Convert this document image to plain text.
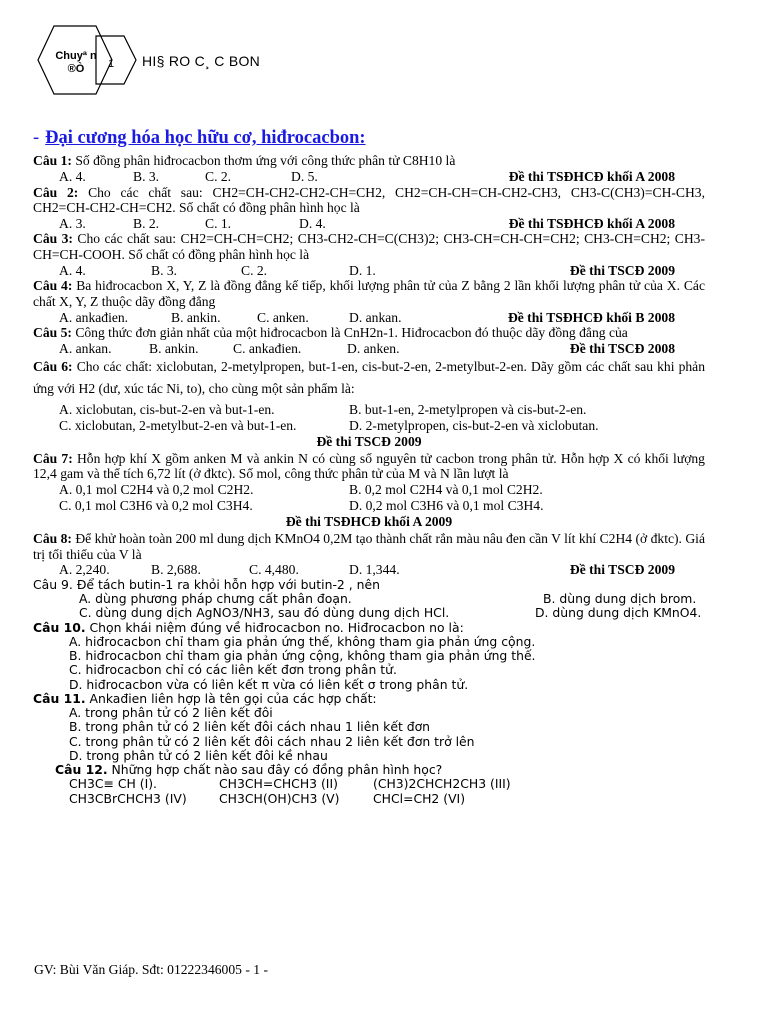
Chuyª n
®Ò	1 HI§ RO C¸ C BON
- Đại cương hóa học hữu cơ, hiđrocacbon:

Câu 1: Số đồng phân hiđrocacbon thơm ứng với công thức phân tử C8H10 là

A. 4.	B. 3.	C. 2.	D. 5.	Đề thi TSĐHCĐ khối A 2008

Câu 2: Cho các chất sau: CH2=CH-CH2-CH2-CH=CH2, CH2=CH-CH=CH-CH2-CH3, CH3-C(CH3)=CH-CH3, CH2=CH-CH2-CH=CH2. Số chất có đồng phân hình học là

A. 3.	B. 2.	C. 1.	D. 4.	Đề thi TSĐHCĐ khối A 2008

Câu 3: Cho các chất sau: CH2=CH-CH=CH2; CH3-CH2-CH=C(CH3)2; CH3-CH=CH-CH=CH2; CH3-CH=CH2; CH3-CH=CH-COOH. Số chất có đồng phân hình học là

A. 4.	B. 3.	C. 2.	D. 1.	Đề thi TSCĐ 2009

Câu 4: Ba hiđrocacbon X, Y, Z là đồng đẳng kế tiếp, khối lượng phân tử của Z bằng 2 lần khối lượng phân tử của X. Các chất X, Y, Z thuộc dãy đồng đẳng

A. ankađien.	B. ankin.	C. anken.	D. ankan.	Đề thi TSĐHCĐ khối B 2008

Câu 5: Công thức đơn giản nhất của một hiđrocacbon là CnH2n-1. Hiđrocacbon đó thuộc dãy đồng đẳng của

A. ankan.	B. ankin.	C. ankađien.	D. anken.	Đề thi TSCĐ 2008

Câu 6: Cho các chất: xiclobutan, 2-metylpropen, but-1-en, cis-but-2-en, 2-metylbut-2-en. Dãy gồm các chất sau khi phản ứng với H2 (dư, xúc tác Ni, to), cho cùng một sản phẩm là:

A. xiclobutan, cis-but-2-en và but-1-en.	B. but-1-en, 2-metylpropen và cis-but-2-en.
C. xiclobutan, 2-metylbut-2-en và but-1-en.	D. 2-metylpropen, cis-but-2-en và xiclobutan.
Đề thi TSCĐ 2009

Câu 7: Hỗn hợp khí X gồm anken M và ankin N có cùng số nguyên tử cacbon trong phân tử. Hỗn hợp X có khối lượng 12,4 gam và thể tích 6,72 lít (ở đktc). Số mol, công thức phân tử của M và N lần lượt là

A. 0,1 mol C2H4 và 0,2 mol C2H2.	B. 0,2 mol C2H4 và 0,1 mol C2H2.
C. 0,1 mol C3H6 và 0,2 mol C3H4.	D. 0,2 mol C3H6 và 0,1 mol C3H4.
Đề thi TSĐHCĐ khối A 2009

Câu 8: Để khử hoàn toàn 200 ml dung dịch KMnO4 0,2M tạo thành chất rắn màu nâu đen cần V lít khí C2H4 (ở đktc). Giá trị tối thiểu của V là

A. 2,240.	B. 2,688.	C. 4,480.	D. 1,344.	Đề thi TSCĐ 2009

Câu 9. Để tách butin-1 ra khỏi hỗn hợp với butin-2 , nên

A. dùng phương pháp chưng cất phân đoạn.	B. dùng dung dịch brom.
C. dùng dung dịch AgNO3/NH3, sau đó dùng dung dịch HCl.	D. dùng dung dịch KMnO4.

Câu 10. Chọn khái niệm đúng về hiđrocacbon no. Hiđrocacbon no là:

A. hiđrocacbon chỉ tham gia phản ứng thế, không tham gia phản ứng cộng.
B. hiđrocacbon chỉ tham gia phản ứng cộng, không tham gia phản ứng thế.
C. hiđrocacbon chỉ có các liên kết đơn trong phân tử.
D. hiđrocacbon vừa có liên kết π vừa có liên kết σ trong phân tử.

Câu 11. Ankađien liên hợp là tên gọi của các hợp chất:

A. trong phân tử có 2 liên kết đôi
B. trong phân tử có 2 liên kết đôi cách nhau 1 liên kết đơn
C. trong phân tử có 2 liên kết đôi cách nhau 2 liên kết đơn trở lên
D. trong phân tử có 2 liên kết đôi kề nhau

Câu 12. Những hợp chất nào sau đây có đồng phân hình học?

CH3C≡ CH (I).	CH3CH=CHCH3 (II)	(CH3)2CHCH2CH3 (III)
CH3CBrCHCH3 (IV)	CH3CH(OH)CH3 (V)	CHCl=CH2 (VI)
GV: Bùi Văn Giáp. Sđt: 01222346005 - 1 -
